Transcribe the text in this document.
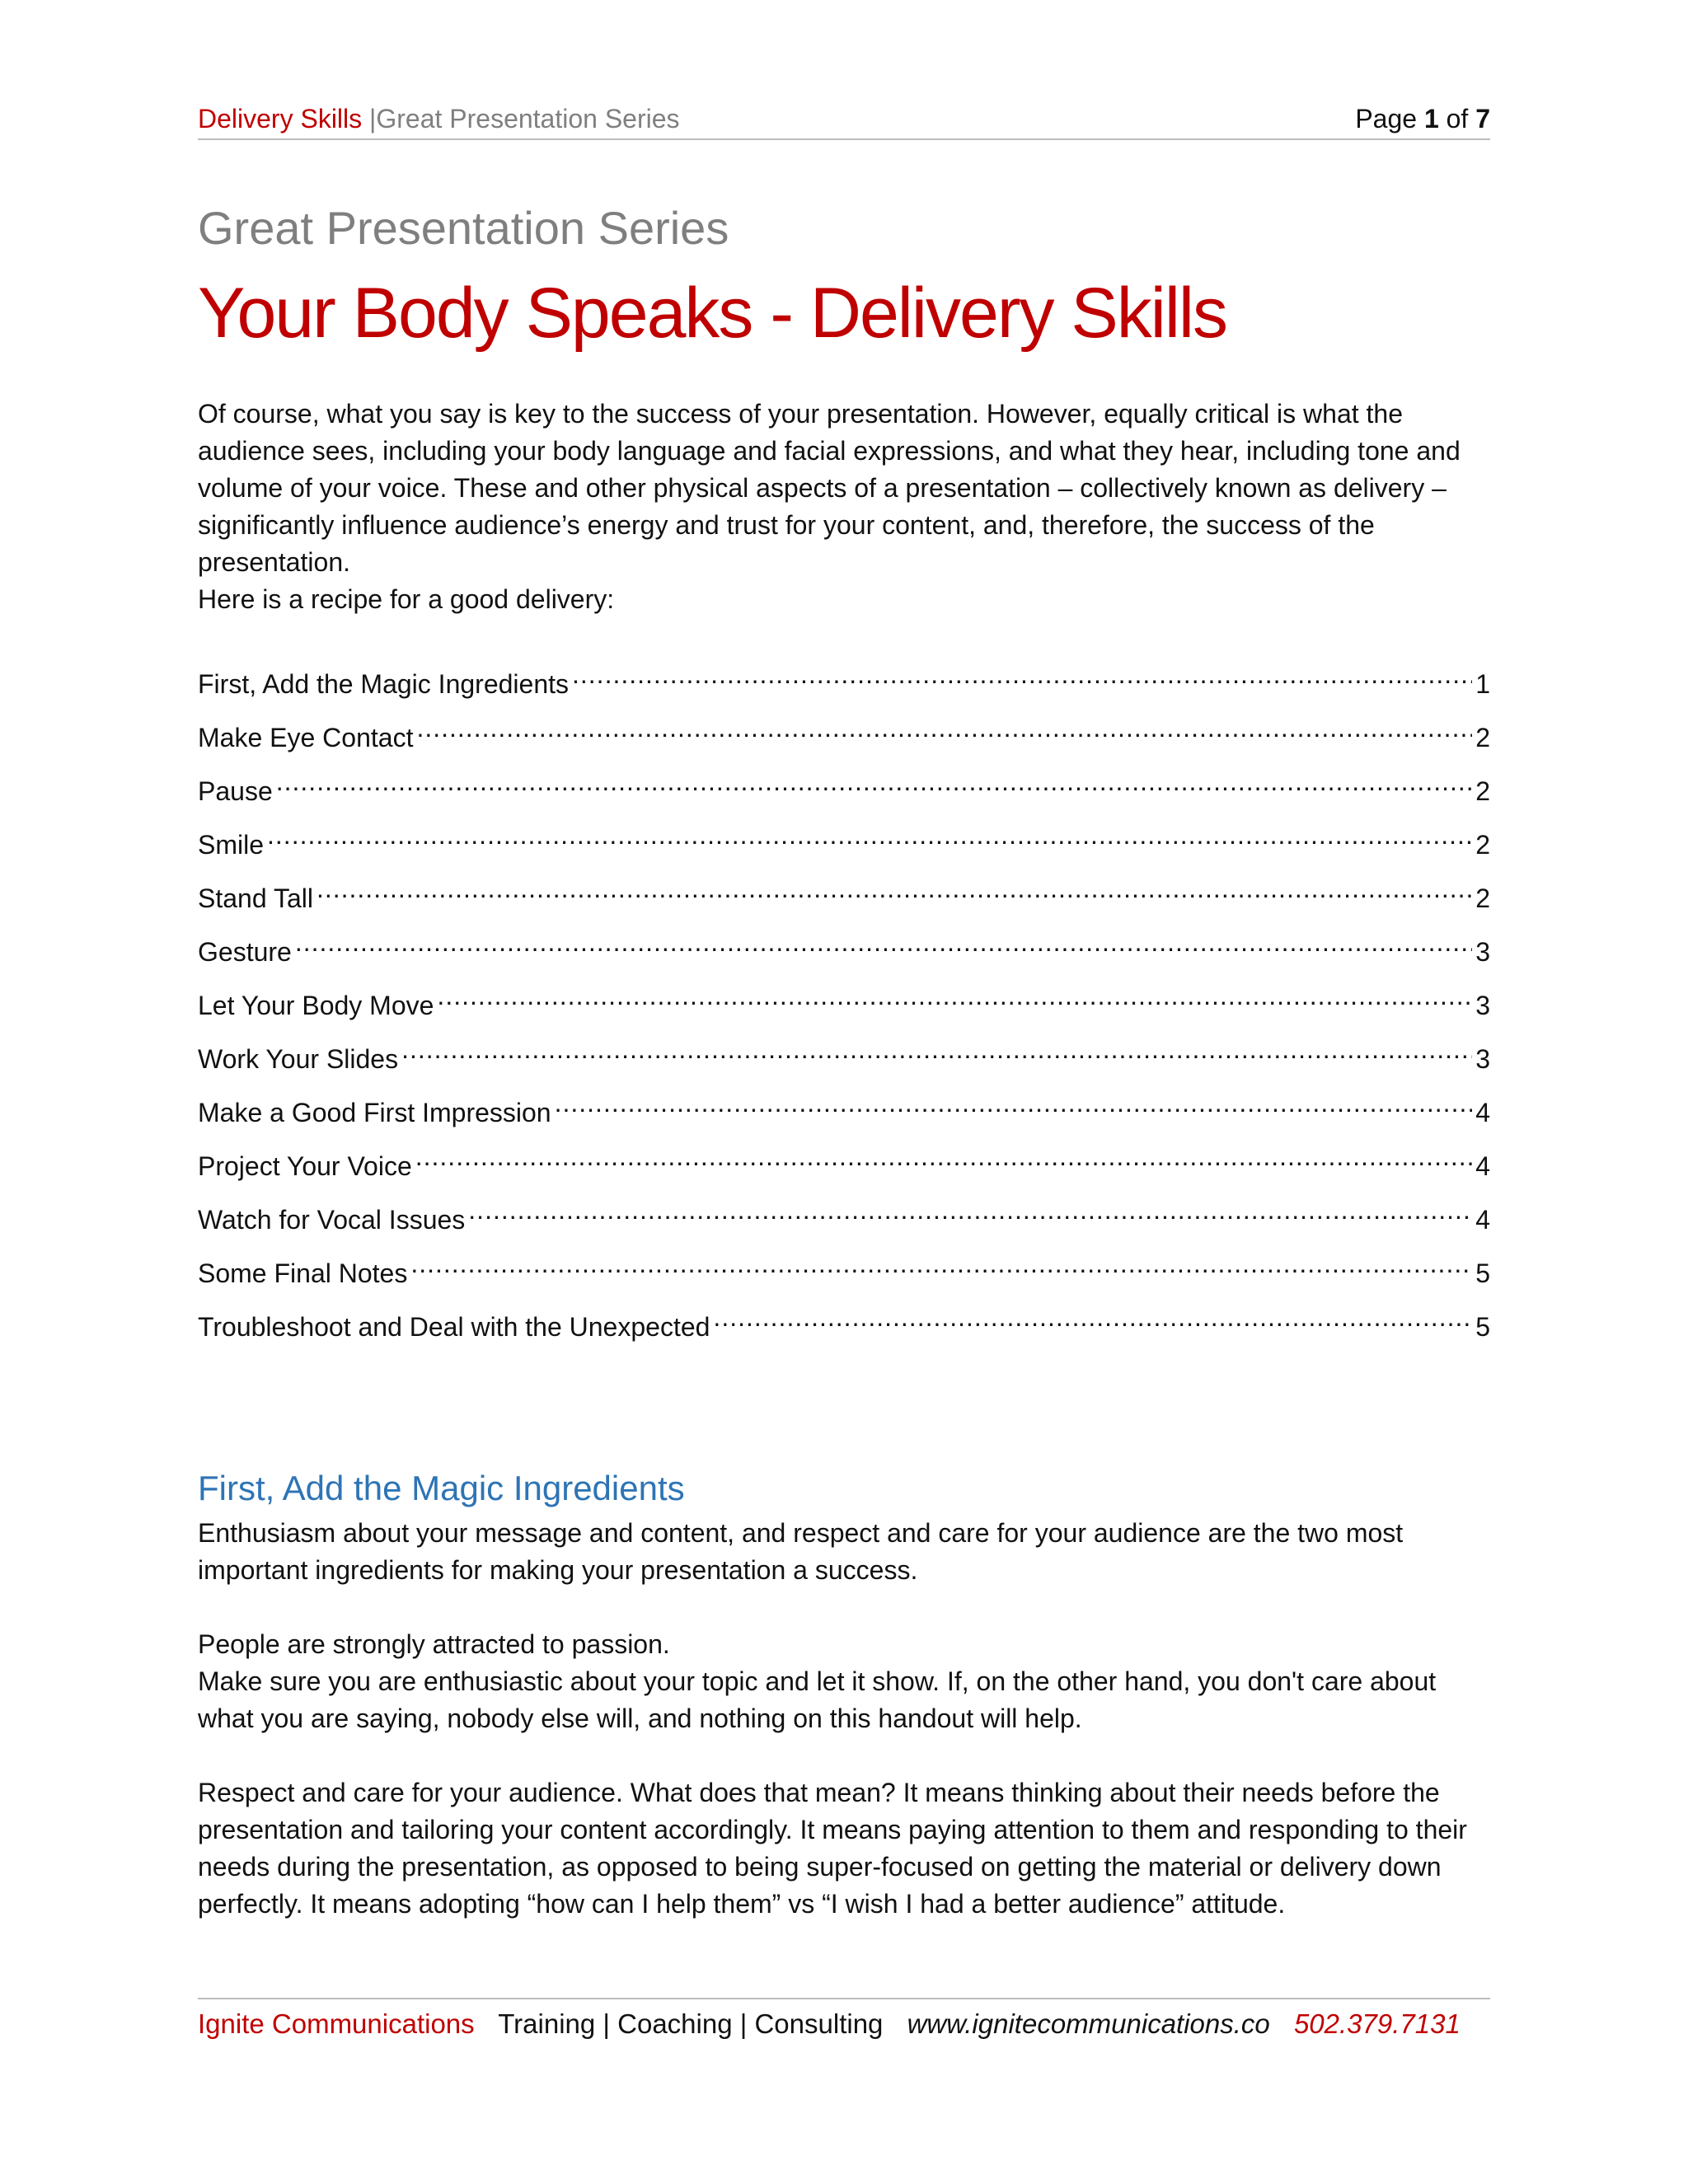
Delivery Skills |Great Presentation Series	Page 1 of 7
Great Presentation Series
Your Body Speaks - Delivery Skills

Of course, what you say is key to the success of your presentation. However, equally critical is what the audience sees, including your body language and facial expressions, and what they hear, including tone and volume of your voice. These and other physical aspects of a presentation – collectively known as delivery – significantly influence audience’s energy and trust for your content, and, therefore, the success of the presentation.

Here is a recipe for a good delivery:

First, Add the Magic Ingredients .....	1
Make Eye Contact .....	2
Pause .....	2
Smile .....	2
Stand Tall .....	2
Gesture .....	3
Let Your Body Move .....	3
Work Your Slides .....	3
Make a Good First Impression .....	4
Project Your Voice .....	4
Watch for Vocal Issues .....	4
Some Final Notes .....	5
Troubleshoot and Deal with the Unexpected .....	5
First, Add the Magic Ingredients

Enthusiasm about your message and content, and respect and care for your audience are the two most important ingredients for making your presentation a success.

People are strongly attracted to passion.
Make sure you are enthusiastic about your topic and let it show. If, on the other hand, you don't care about what you are saying, nobody else will, and nothing on this handout will help.

Respect and care for your audience. What does that mean? It means thinking about their needs before the presentation and tailoring your content accordingly. It means paying attention to them and responding to their needs during the presentation, as opposed to being super-focused on getting the material or delivery down perfectly. It means adopting “how can I help them” vs “I wish I had a better audience” attitude.

Ignite Communications Training | Coaching | Consulting www.ignitecommunications.co 502.379.7131
